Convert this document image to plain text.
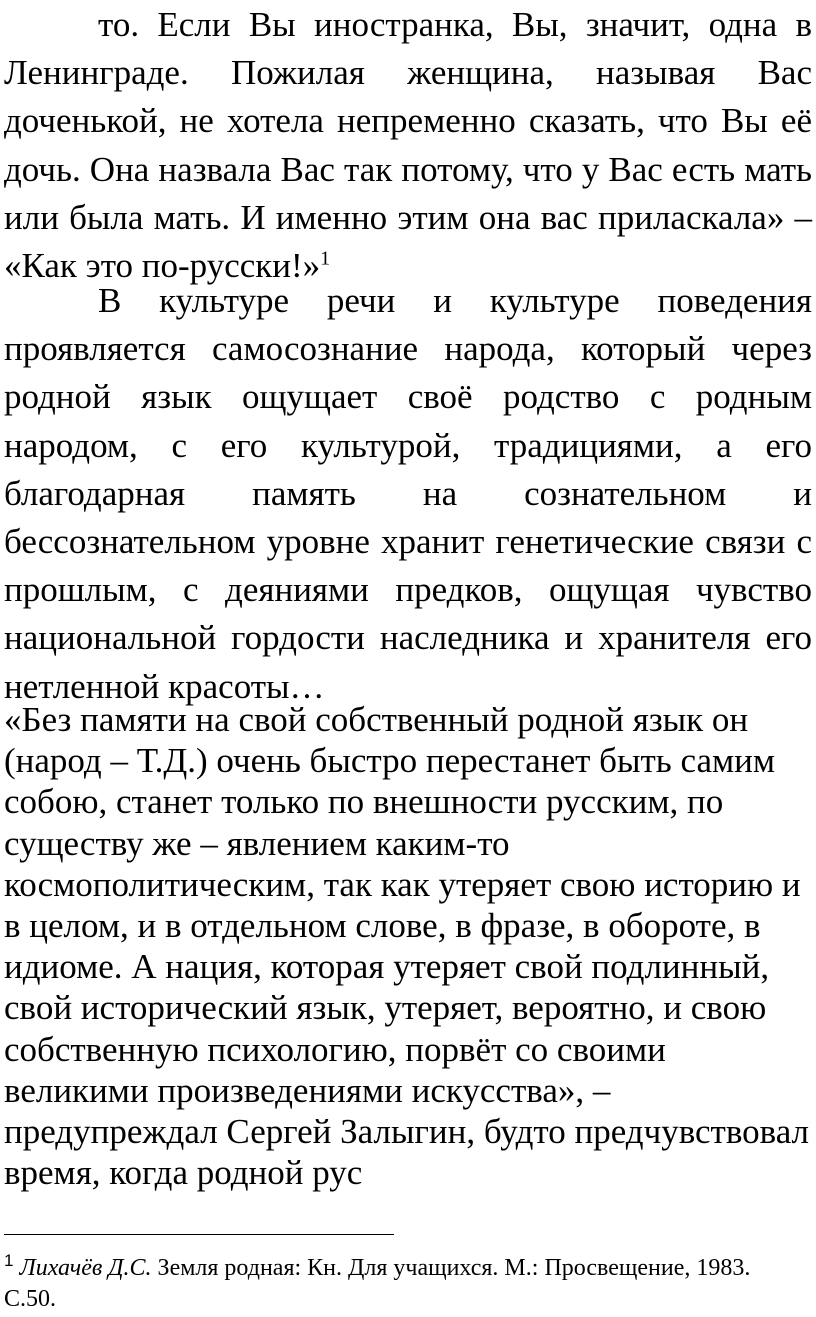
то. Если Вы иностранка, Вы, значит, одна в Ленинграде. Пожилая женщина, называя Вас доченькой, не хотела непременно сказать, что Вы её дочь. Она назвала Вас так потому, что у Вас есть мать или была мать. И именно этим она вас приласкала» – «Как это по-русски!»$^1$

В культуре речи и культуре поведения проявляется самосознание народа, который через родной язык ощущает своё родство с родным народом, с его культурой, традициями, а его благодарная память на сознательном и бессознательном уровне хранит генетические связи с прошлым, с деяниями предков, ощущая чувство национальной гордости наследника и хранителя его нетленной красоты…

«Без памяти на свой собственный родной язык он (народ – Т.Д.) очень быстро перестанет быть самим собою, станет только по внешности русским, по существу же – явлением каким-то космополитическим, так как утеряет свою историю и в целом, и в отдельном слове, в фразе, в обороте, в идиоме. А нация, которая утеряет свой подлинный, свой исторический язык, утеряет, вероятно, и свою собственную психологию, порвёт со своими великими произведениями искусства», – предупреждал Сергей Залыгин, будто предчувствовал время, когда родной рус

$^1$ Лихачёв Д.С. Земля родная: Кн. Для учащихся. М.: Просвещение, 1983. С.50.
